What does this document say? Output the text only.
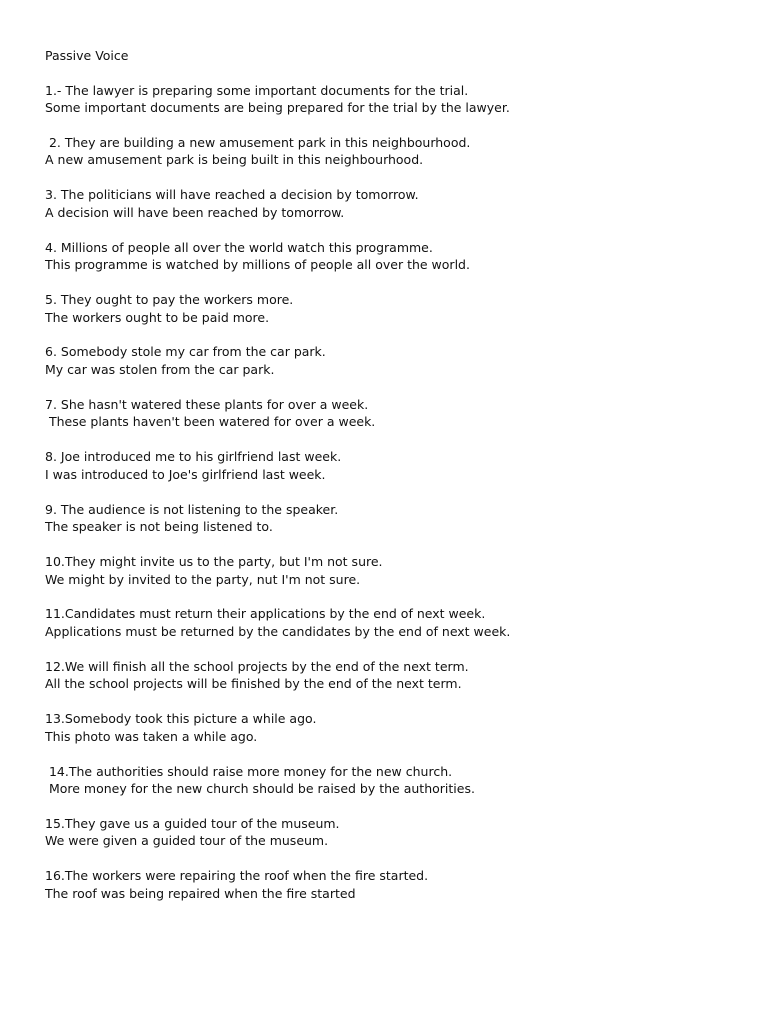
Passive Voice
1.- The lawyer is preparing some important documents for the trial.
Some important documents are being prepared for the trial by the lawyer.
2. They are building a new amusement park in this neighbourhood.
A new amusement park is being built in this neighbourhood.
3. The politicians will have reached a decision by tomorrow.
A decision will have been reached by tomorrow.
4. Millions of people all over the world watch this programme.
This programme is watched by millions of people all over the world.
5. They ought to pay the workers more.
The workers ought to be paid more.
6. Somebody stole my car from the car park.
My car was stolen from the car park.
7. She hasn't watered these plants for over a week.
These plants haven't been watered for over a week.
8. Joe introduced me to his girlfriend last week.
I was introduced to Joe's girlfriend last week.
9. The audience is not listening to the speaker.
The speaker is not being listened to.
10.They might invite us to the party, but I'm not sure.
We might by invited to the party, nut I'm not sure.
11.Candidates must return their applications by the end of next week.
Applications must be returned by the candidates by the end of next week.
12.We will finish all the school projects by the end of the next term.
All the school projects will be finished by the end of the next term.
13.Somebody took this picture a while ago.
This photo was taken a while ago.
14.The authorities should raise more money for the new church.
More money for the new church should be raised by the authorities.
15.They gave us a guided tour of the museum.
We were given a guided tour of the museum.
16.The workers were repairing the roof when the fire started.
The roof was being repaired when the fire started
